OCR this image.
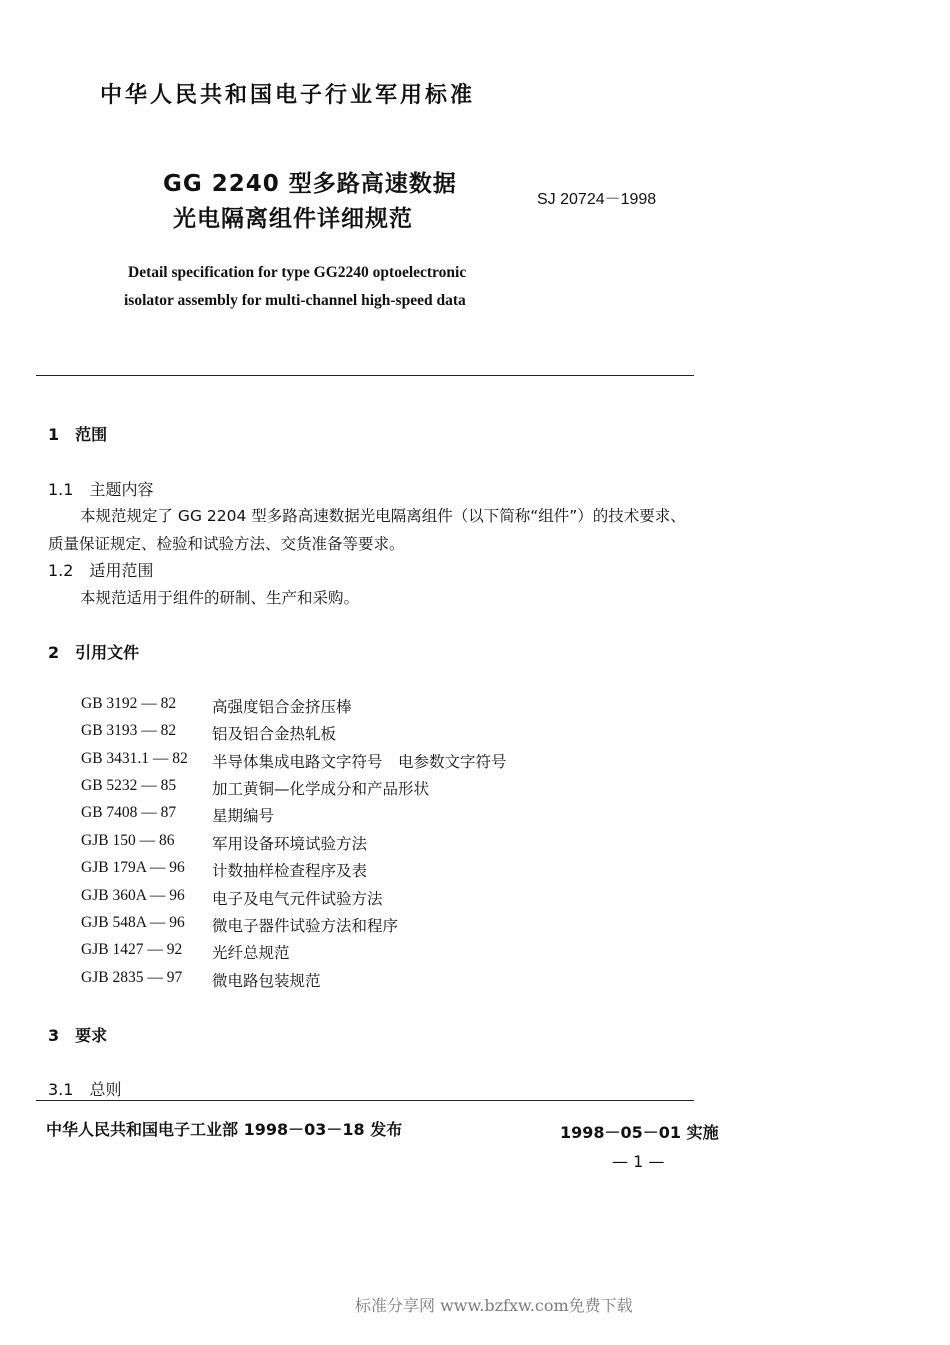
中华人民共和国电子行业军用标准
GG 2240 型多路高速数据
光电隔离组件详细规范
SJ 20724－1998
Detail specification for type GG2240 optoelectronic
isolator assembly for multi-channel high-speed data
1　范围
1.1　主题内容
本规范规定了 GG 2204 型多路高速数据光电隔离组件（以下简称“组件”）的技术要求、
质量保证规定、检验和试验方法、交货准备等要求。
1.2　适用范围
本规范适用于组件的研制、生产和采购。
2　引用文件
GB 3192 — 82 高强度铝合金挤压棒
GB 3193 — 82 铝及铝合金热轧板
GB 3431.1 — 82 半导体集成电路文字符号　电参数文字符号
GB 5232 — 85 加工黄铜—化学成分和产品形状
GB 7408 — 87 星期编号
GJB 150 — 86 军用设备环境试验方法
GJB 179A — 96 计数抽样检查程序及表
GJB 360A — 96 电子及电气元件试验方法
GJB 548A — 96 微电子器件试验方法和程序
GJB 1427 — 92 光纤总规范
GJB 2835 — 97 微电路包装规范
3　要求
3.1　总则
中华人民共和国电子工业部 1998－03－18 发布	1998－05－01 实施
— 1 —
标准分享网 www.bzfxw.com免费下载
